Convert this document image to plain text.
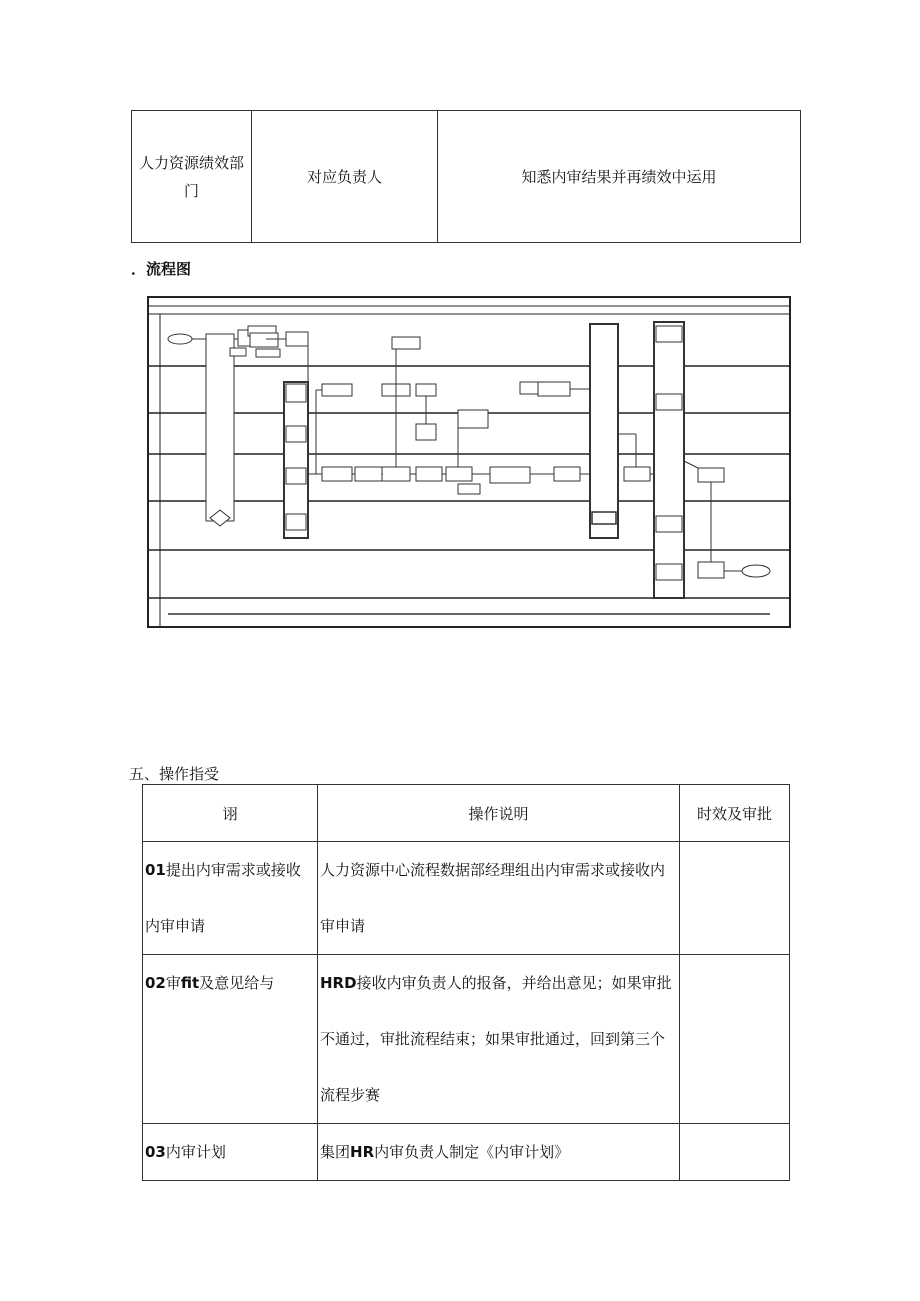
人力资源绩效部门	对应负责人	知悉内审结果并再绩效中运用
．流程图
五、操作指受
诩	操作说明	时效及审批

01提出内审需求或接收内审申请	人力资源中心流程数据部经理组出内审需求或接收内审申请	

02审fit及意见给与	HRD接收内审负责人的报备，并给出意见；如果审批不通过，审批流程结束；如果审批通过，回到第三个流程步赛	

03内审计划	集团HR内审负责人制定《内审计划》	
